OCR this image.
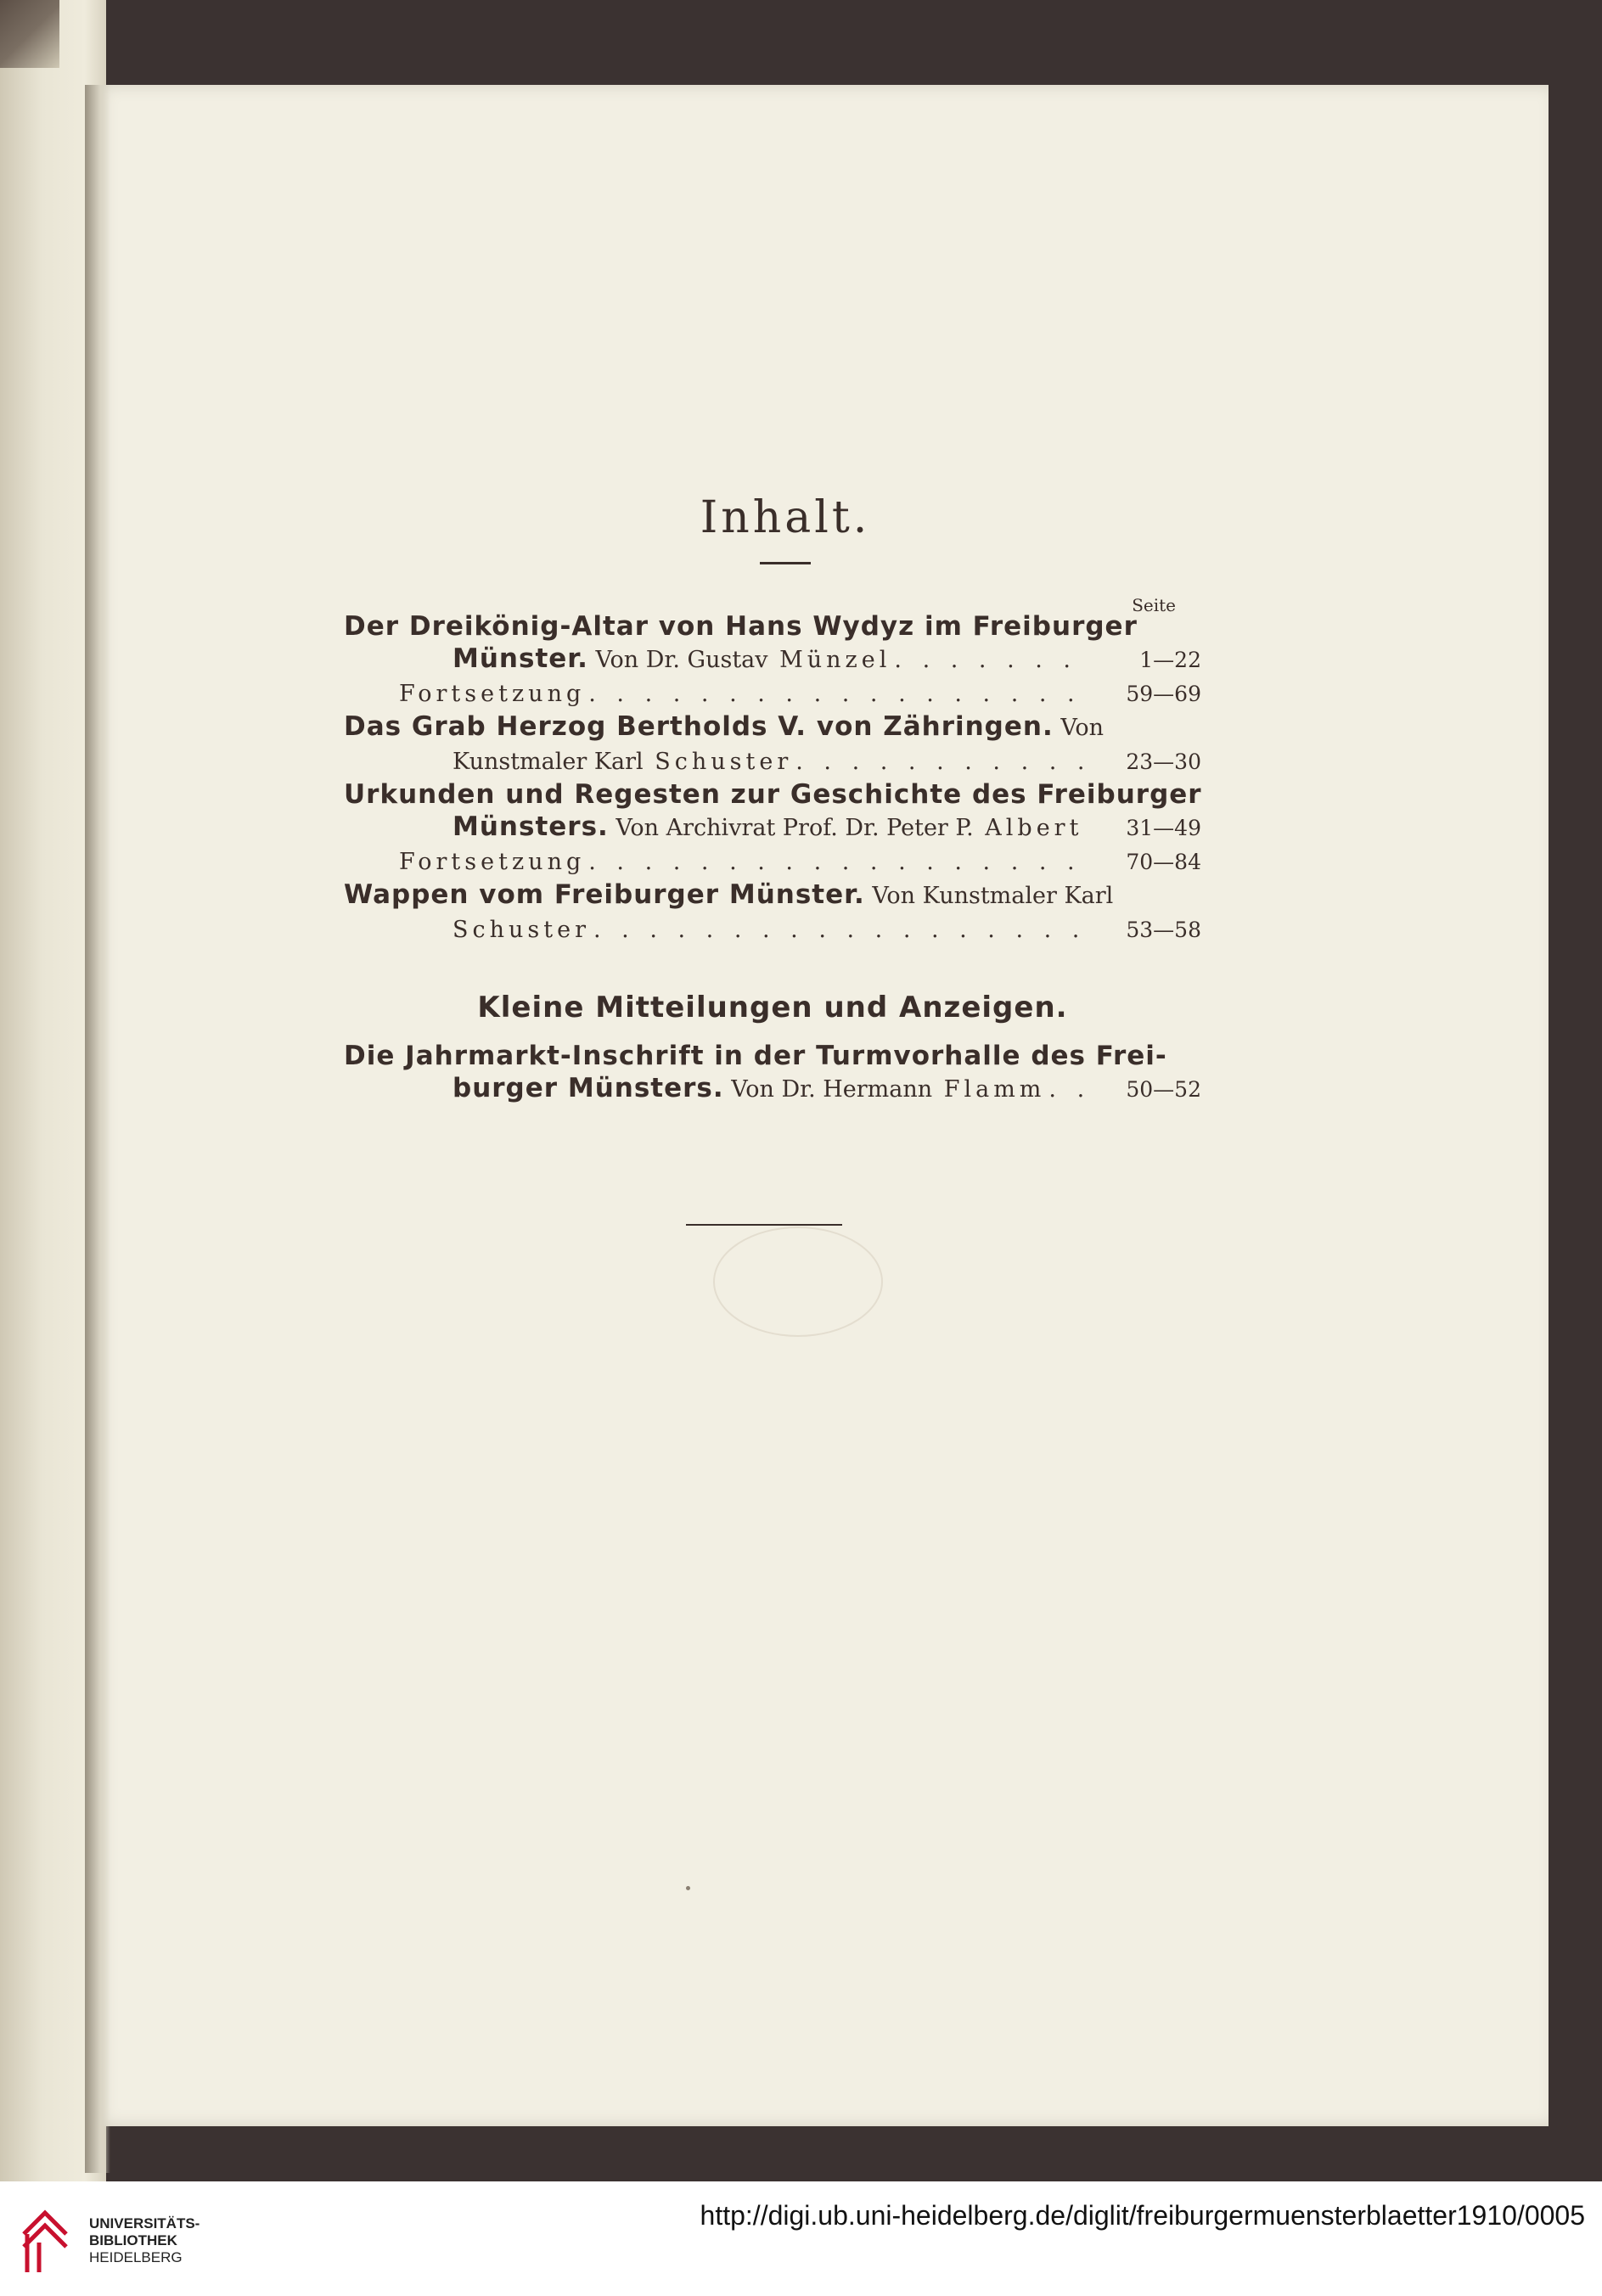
Inhalt.
Seite
Der Dreikönig-Altar von Hans Wydyz im Freiburger
Münster. Von Dr. Gustav Münzel . . .	1—22
Fortsetzung . . .	59—69
Das Grab Herzog Bertholds V. von Zähringen. Von
Kunstmaler Karl Schuster . . .	23—30
Urkunden und Regesten zur Geschichte des Freiburger
Münsters. Von Archivrat Prof. Dr. Peter P. Albert . . .	31—49
Fortsetzung . . .	70—84
Wappen vom Freiburger Münster. Von Kunstmaler Karl
Schuster . . .	53—58
Kleine Mitteilungen und Anzeigen.
Die Jahrmarkt-Inschrift in der Turmvorhalle des Frei-
burger Münsters. Von Dr. Hermann Flamm . . .	50—52
UNIVERSITÄTS-
BIBLIOTHEK
HEIDELBERG
http://digi.ub.uni-heidelberg.de/diglit/freiburgermuensterblaetter1910/0005
